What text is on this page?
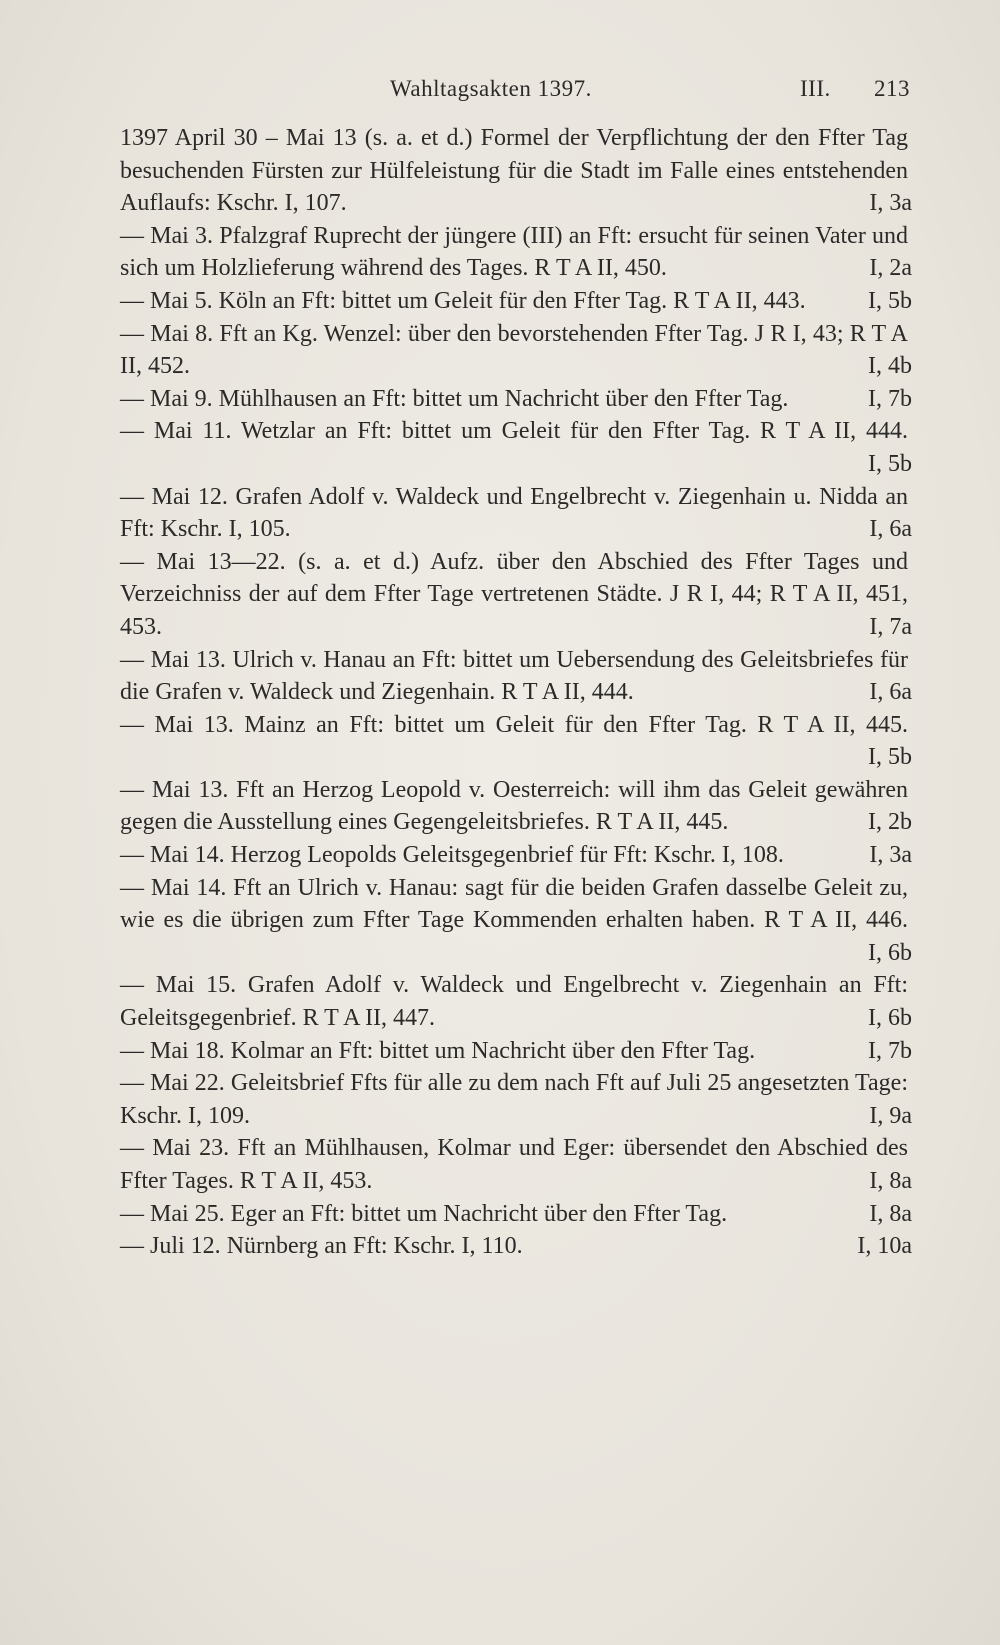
Wahltagsakten 1397.	III. 213
1397 April 30 – Mai 13 (s. a. et d.) Formel der Verpflichtung der den Ffter Tag besuchenden Fürsten zur Hülfeleistung für die Stadt im Falle eines entstehenden Auflaufs: Kschr. I, 107.	I, 3a
— Mai 3. Pfalzgraf Ruprecht der jüngere (III) an Fft: ersucht für seinen Vater und sich um Holzlieferung während des Tages. R T A II, 450.	I, 2a
— Mai 5. Köln an Fft: bittet um Geleit für den Ffter Tag. R T A II, 443.	I, 5b
— Mai 8. Fft an Kg. Wenzel: über den bevorstehenden Ffter Tag. J R I, 43; R T A II, 452.	I, 4b
— Mai 9. Mühlhausen an Fft: bittet um Nachricht über den Ffter Tag.	I, 7b
— Mai 11. Wetzlar an Fft: bittet um Geleit für den Ffter Tag. R T A II, 444.
I, 5b
— Mai 12. Grafen Adolf v. Waldeck und Engelbrecht v. Ziegenhain u. Nidda an Fft: Kschr. I, 105.	I, 6a
— Mai 13—22. (s. a. et d.) Aufz. über den Abschied des Ffter Tages und Verzeichniss der auf dem Ffter Tage vertretenen Städte. J R I, 44; R T A II, 451, 453.	I, 7a
— Mai 13. Ulrich v. Hanau an Fft: bittet um Uebersendung des Geleitsbriefes für die Grafen v. Waldeck und Ziegenhain. R T A II, 444.	I, 6a
— Mai 13. Mainz an Fft: bittet um Geleit für den Ffter Tag. R T A II, 445.
I, 5b
— Mai 13. Fft an Herzog Leopold v. Oesterreich: will ihm das Geleit gewähren gegen die Ausstellung eines Gegengeleitsbriefes. R T A II, 445.	I, 2b
— Mai 14. Herzog Leopolds Geleitsgegenbrief für Fft: Kschr. I, 108.	I, 3a
— Mai 14. Fft an Ulrich v. Hanau: sagt für die beiden Grafen dasselbe Geleit zu, wie es die übrigen zum Ffter Tage Kommenden erhalten haben. R T A II, 446.
I, 6b
— Mai 15. Grafen Adolf v. Waldeck und Engelbrecht v. Ziegenhain an Fft: Geleitsgegenbrief. R T A II, 447.	I, 6b
— Mai 18. Kolmar an Fft: bittet um Nachricht über den Ffter Tag.	I, 7b
— Mai 22. Geleitsbrief Ffts für alle zu dem nach Fft auf Juli 25 angesetzten Tage: Kschr. I, 109.	I, 9a
— Mai 23. Fft an Mühlhausen, Kolmar und Eger: übersendet den Abschied des Ffter Tages. R T A II, 453.	I, 8a
— Mai 25. Eger an Fft: bittet um Nachricht über den Ffter Tag.	I, 8a
— Juli 12. Nürnberg an Fft: Kschr. I, 110.	I, 10a
